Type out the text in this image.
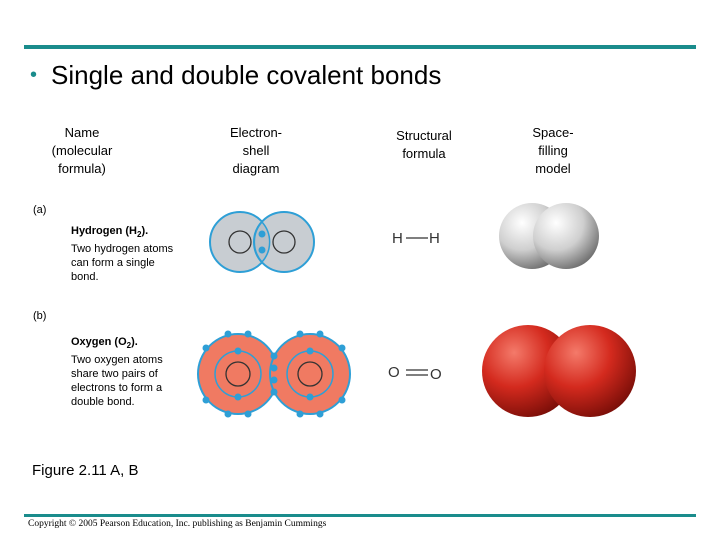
• Single and double covalent bonds
Name
(molecular
formula)
Electron-
shell
diagram
Structural
formula
Space-
filling
model
(a)
Hydrogen $(H_2)$.
Two hydrogen atoms can form a single bond.
(b)
Oxygen $(O_2)$.
Two oxygen atoms share two pairs of electrons to form a double bond.
H H
O O
Figure 2.11 A, B
Copyright © 2005 Pearson Education, Inc. publishing as Benjamin Cummings
